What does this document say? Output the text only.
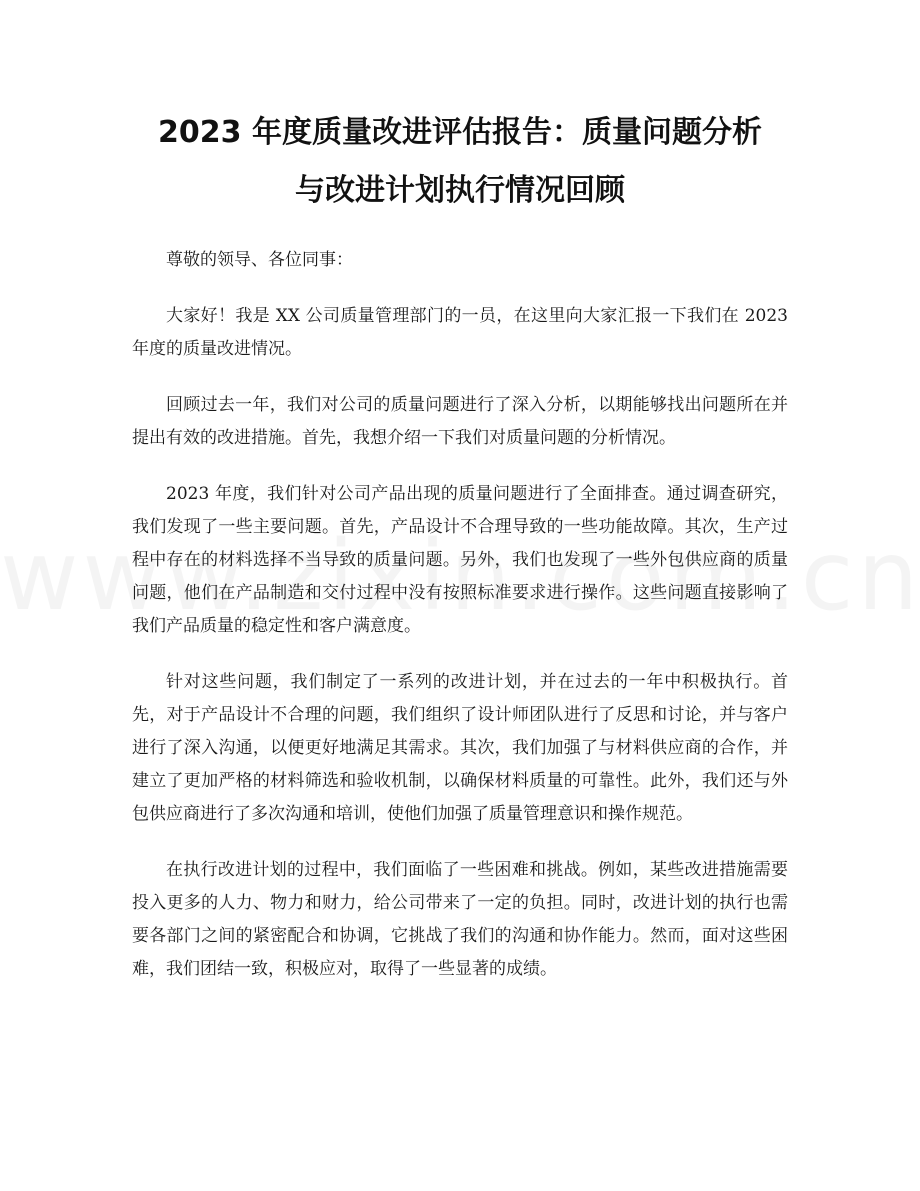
2023 年度质量改进评估报告：质量问题分析
与改进计划执行情况回顾

尊敬的领导、各位同事：

大家好！我是 XX 公司质量管理部门的一员，在这里向大家汇报一下我们在 2023 年度的质量改进情况。

回顾过去一年，我们对公司的质量问题进行了深入分析，以期能够找出问题所在并提出有效的改进措施。首先，我想介绍一下我们对质量问题的分析情况。

2023 年度，我们针对公司产品出现的质量问题进行了全面排查。通过调查研究，我们发现了一些主要问题。首先，产品设计不合理导致的一些功能故障。其次，生产过程中存在的材料选择不当导致的质量问题。另外，我们也发现了一些外包供应商的质量问题，他们在产品制造和交付过程中没有按照标准要求进行操作。这些问题直接影响了我们产品质量的稳定性和客户满意度。

针对这些问题，我们制定了一系列的改进计划，并在过去的一年中积极执行。首先，对于产品设计不合理的问题，我们组织了设计师团队进行了反思和讨论，并与客户进行了深入沟通，以便更好地满足其需求。其次，我们加强了与材料供应商的合作，并建立了更加严格的材料筛选和验收机制，以确保材料质量的可靠性。此外，我们还与外包供应商进行了多次沟通和培训，使他们加强了质量管理意识和操作规范。

在执行改进计划的过程中，我们面临了一些困难和挑战。例如，某些改进措施需要投入更多的人力、物力和财力，给公司带来了一定的负担。同时，改进计划的执行也需要各部门之间的紧密配合和协调，它挑战了我们的沟通和协作能力。然而，面对这些困难，我们团结一致，积极应对，取得了一些显著的成绩。
